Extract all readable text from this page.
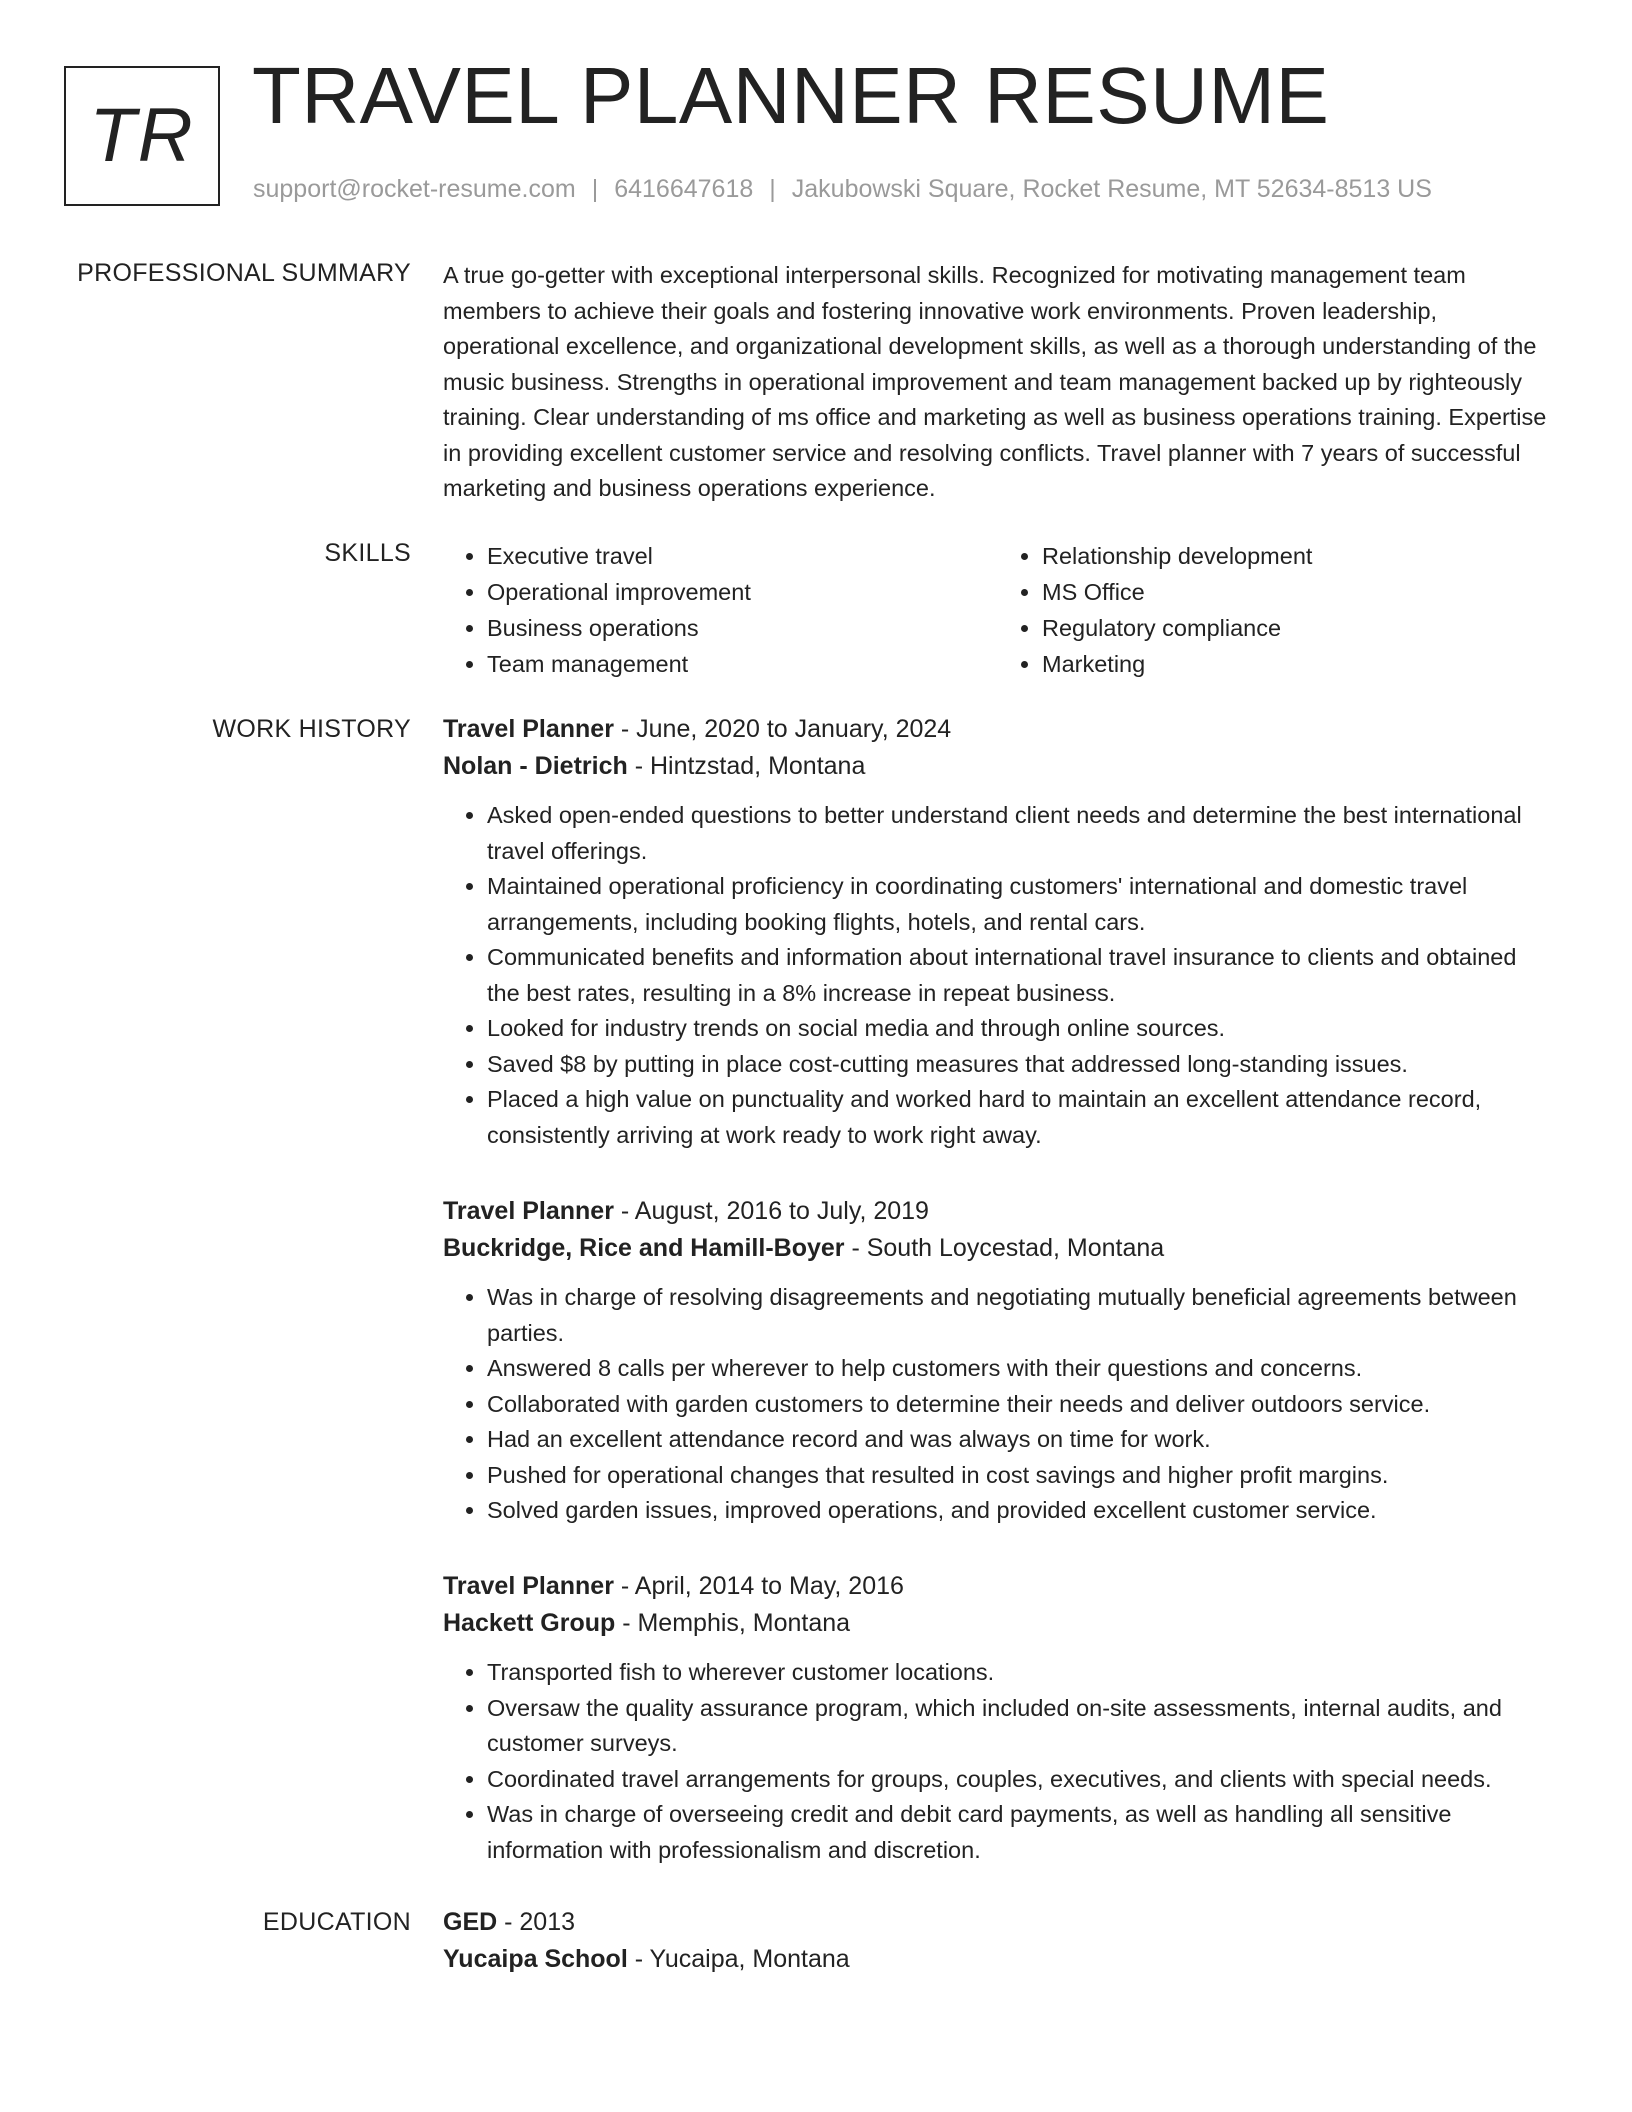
TR TRAVEL PLANNER RESUME
support@rocket-resume.com | 6416647618 | Jakubowski Square, Rocket Resume, MT 52634-8513 US
PROFESSIONAL SUMMARY A true go-getter with exceptional interpersonal skills. Recognized for motivating management team members to achieve their goals and fostering innovative work environments. Proven leadership, operational excellence, and organizational development skills, as well as a thorough understanding of the music business. Strengths in operational improvement and team management backed up by righteously training. Clear understanding of ms office and marketing as well as business operations training. Expertise in providing excellent customer service and resolving conflicts. Travel planner with 7 years of successful marketing and business operations experience.

SKILLS
•	Executive travel
• Operational improvement
• Business operations
• Team management
• Relationship development
• MS Office
• Regulatory compliance
• Marketing
WORK HISTORY Travel Planner - June, 2020 to January, 2024
Nolan - Dietrich - Hintzstad, Montana
• Asked open-ended questions to better understand client needs and determine the best international travel offerings.
• Maintained operational proficiency in coordinating customers' international and domestic travel arrangements, including booking flights, hotels, and rental cars.
• Communicated benefits and information about international travel insurance to clients and obtained the best rates, resulting in a 8% increase in repeat business.
• Looked for industry trends on social media and through online sources.
• Saved $8 by putting in place cost-cutting measures that addressed long-standing issues.
• Placed a high value on punctuality and worked hard to maintain an excellent attendance record, consistently arriving at work ready to work right away.
Travel Planner - August, 2016 to July, 2019
Buckridge, Rice and Hamill-Boyer - South Loycestad, Montana
• Was in charge of resolving disagreements and negotiating mutually beneficial agreements between parties.
• Answered 8 calls per wherever to help customers with their questions and concerns.
• Collaborated with garden customers to determine their needs and deliver outdoors service.
• Had an excellent attendance record and was always on time for work.
• Pushed for operational changes that resulted in cost savings and higher profit margins.
• Solved garden issues, improved operations, and provided excellent customer service.
Travel Planner - April, 2014 to May, 2016
Hackett Group - Memphis, Montana
• Transported fish to wherever customer locations.
• Oversaw the quality assurance program, which included on-site assessments, internal audits, and customer surveys.
• Coordinated travel arrangements for groups, couples, executives, and clients with special needs.
• Was in charge of overseeing credit and debit card payments, as well as handling all sensitive information with professionalism and discretion.
EDUCATION GED - 2013
Yucaipa School - Yucaipa, Montana
